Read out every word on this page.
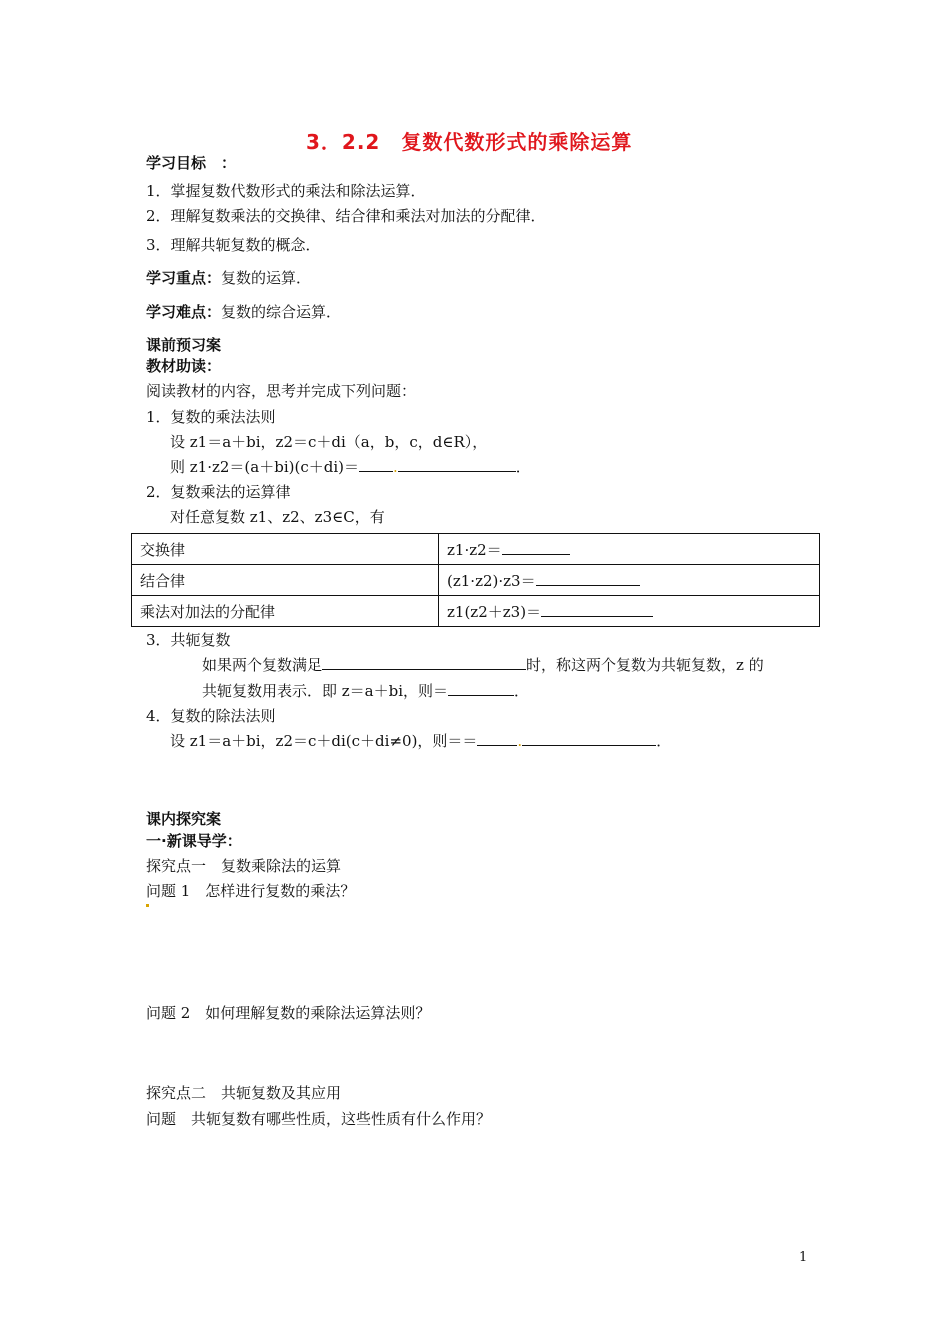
3．2.2　复数代数形式的乘除运算
学习目标　：
1．掌握复数代数形式的乘法和除法运算．
2．理解复数乘法的交换律、结合律和乘法对加法的分配律．
3．理解共轭复数的概念．
学习重点：复数的运算．
学习难点：复数的综合运算．
课前预习案
教材助读：
阅读教材的内容，思考并完成下列问题：
1．复数的乘法法则
设 z1＝a＋bi，z2＝c＋di（a，b，c，d∈R），
则 z1·z2＝(a＋bi)(c＋di)＝ .	．
2．复数乘法的运算律
对任意复数 z1、z2、z3∈C，有
交换律	z1·z2＝
结合律	(z1·z2)·z3＝
乘法对加法的分配律	z1(z2＋z3)＝
3．共轭复数
如果两个复数满足	时，称这两个复数为共轭复数，z 的
共轭复数用表示．即 z＝a＋bi，则＝	．
4．复数的除法法则
设 z1＝a＋bi，z2＝c＋di(c＋di≠0)，则＝＝	.	．
课内探究案
一·新课导学：
探究点一　复数乘除法的运算
问题 1　怎样进行复数的乘法？
问题 2　如何理解复数的乘除法运算法则？
探究点二　共轭复数及其应用
问题　共轭复数有哪些性质，这些性质有什么作用？
1
